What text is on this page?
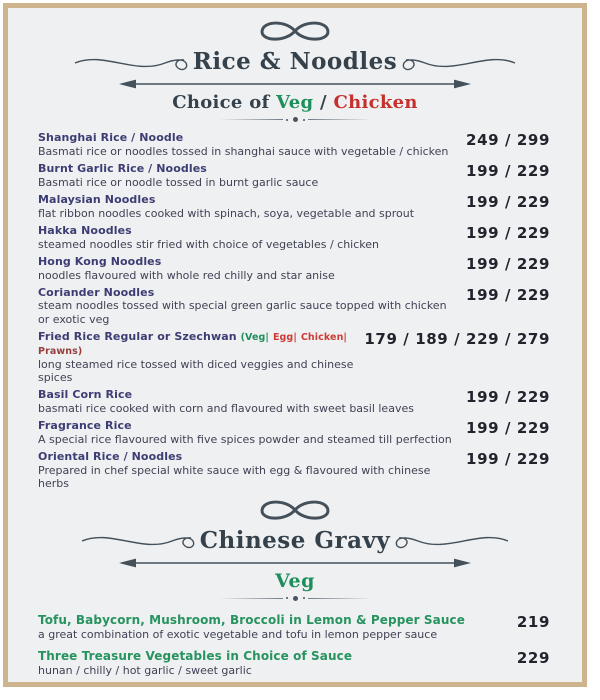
Rice & Noodles
Choice of Veg / Chicken
Shanghai Rice / Noodle
Basmati rice or noodles tossed in shanghai sauce with vegetable / chicken
249 / 299
Burnt Garlic Rice / Noodles
Basmati rice or noodle tossed in burnt garlic sauce
199 / 229
Malaysian Noodles
flat ribbon noodles cooked with spinach, soya, vegetable and sprout
199 / 229
Hakka Noodles
steamed noodles stir fried with choice of vegetables / chicken
199 / 229
Hong Kong Noodles
noodles flavoured with whole red chilly and star anise
199 / 229
Coriander Noodles
steam noodles tossed with special green garlic sauce topped with chicken or exotic veg
199 / 229
Fried Rice Regular or Szechwan (Veg| Egg| Chicken| Prawns)
long steamed rice tossed with diced veggies and chinese spices
179 / 189 / 229 / 279
Basil Corn Rice
basmati rice cooked with corn and flavoured with sweet basil leaves
199 / 229
Fragrance Rice
A special rice flavoured with five spices powder and steamed till perfection
199 / 229
Oriental Rice / Noodles
Prepared in chef special white sauce with egg & flavoured with chinese herbs
199 / 229
Chinese Gravy
Veg
Tofu, Babycorn, Mushroom, Broccoli in Lemon & Pepper Sauce
a great combination of exotic vegetable and tofu in lemon pepper sauce
219
Three Treasure Vegetables in Choice of Sauce
hunan / chilly / hot garlic / sweet garlic
229
